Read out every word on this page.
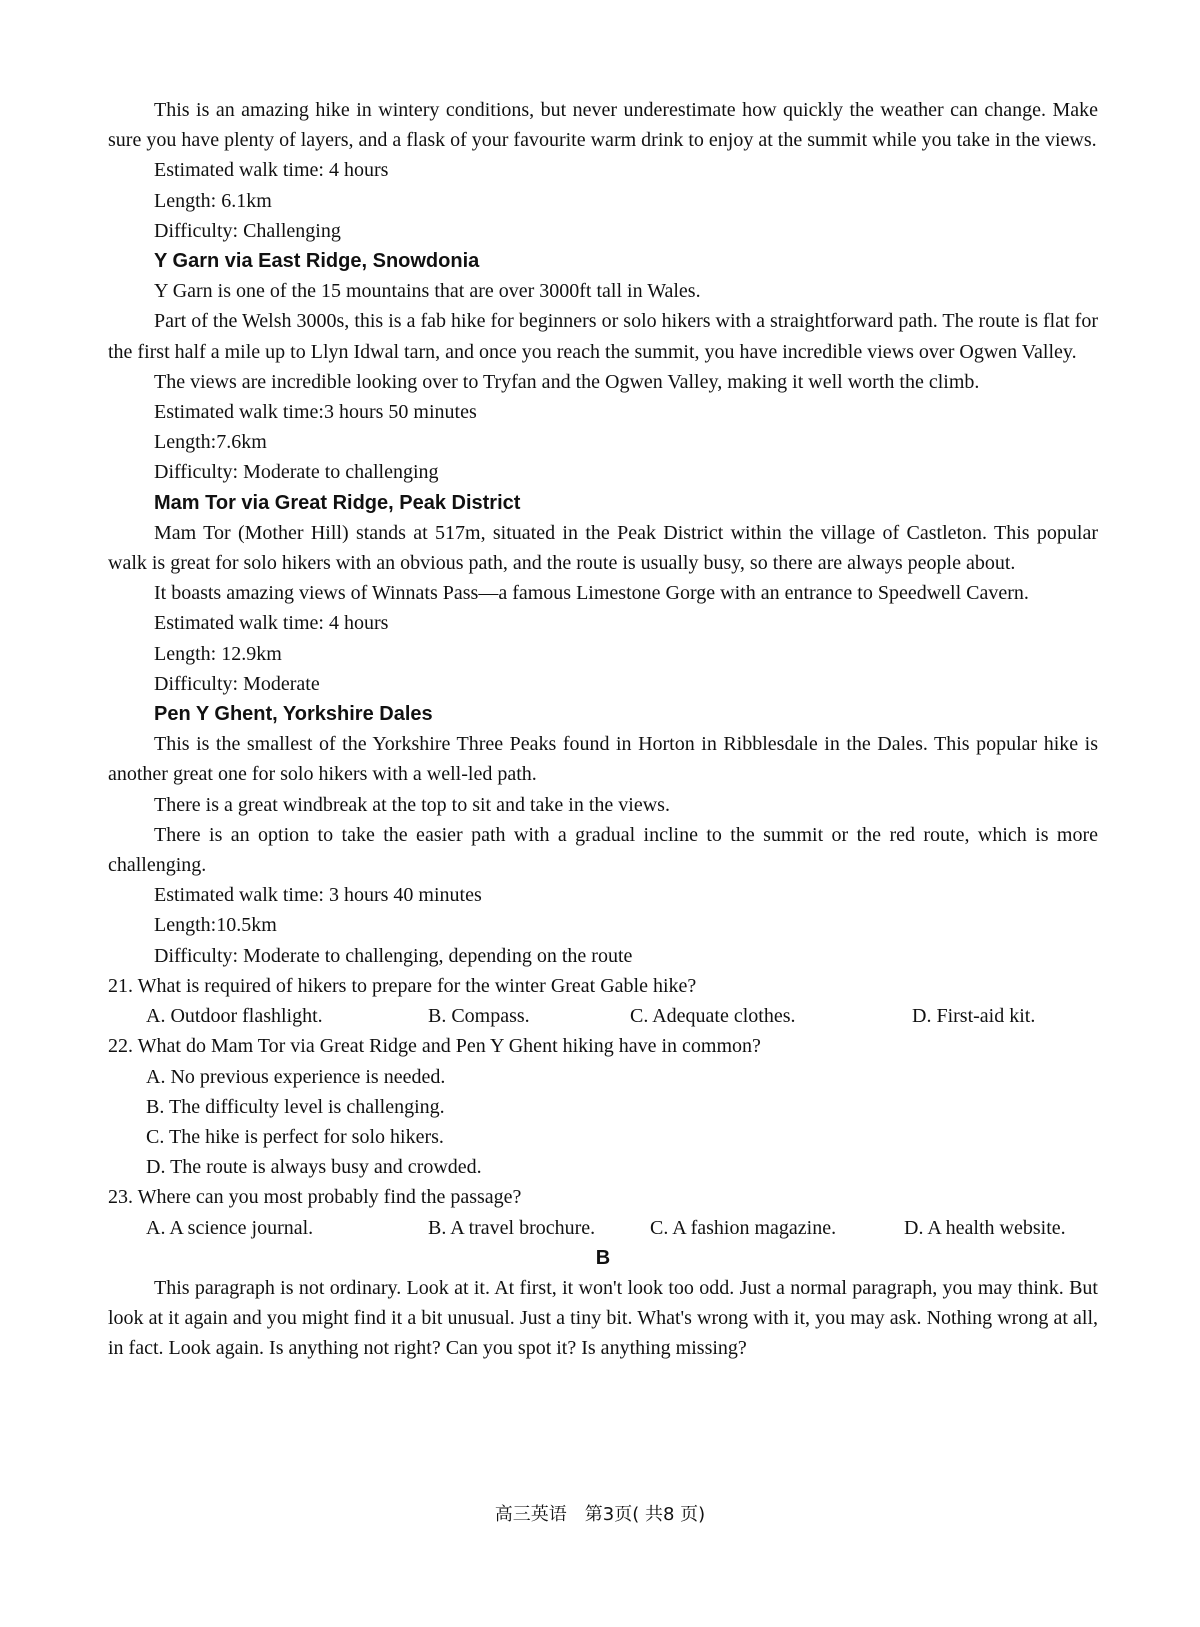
This is an amazing hike in wintery conditions, but never underestimate how quickly the weather can change. Make sure you have plenty of layers, and a flask of your favourite warm drink to enjoy at the summit while you take in the views.

Estimated walk time: 4 hours

Length: 6.1km

Difficulty: Challenging

Y Garn via East Ridge, Snowdonia

Y Garn is one of the 15 mountains that are over 3000ft tall in Wales.

Part of the Welsh 3000s, this is a fab hike for beginners or solo hikers with a straightforward path. The route is flat for the first half a mile up to Llyn Idwal tarn, and once you reach the summit, you have incredible views over Ogwen Valley.

The views are incredible looking over to Tryfan and the Ogwen Valley, making it well worth the climb.

Estimated walk time:3 hours 50 minutes

Length:7.6km

Difficulty: Moderate to challenging

Mam Tor via Great Ridge, Peak District

Mam Tor (Mother Hill) stands at 517m, situated in the Peak District within the village of Castleton. This popular walk is great for solo hikers with an obvious path, and the route is usually busy, so there are always people about.

It boasts amazing views of Winnats Pass—a famous Limestone Gorge with an entrance to Speedwell Cavern.

Estimated walk time: 4 hours

Length: 12.9km

Difficulty: Moderate

Pen Y Ghent, Yorkshire Dales

This is the smallest of the Yorkshire Three Peaks found in Horton in Ribblesdale in the Dales. This popular hike is another great one for solo hikers with a well-led path.

There is a great windbreak at the top to sit and take in the views.

There is an option to take the easier path with a gradual incline to the summit or the red route, which is more challenging.

Estimated walk time: 3 hours 40 minutes

Length:10.5km

Difficulty: Moderate to challenging, depending on the route

21. What is required of hikers to prepare for the winter Great Gable hike?

A. Outdoor flashlight.	B. Compass.	C. Adequate clothes.	D. First-aid kit.

22. What do Mam Tor via Great Ridge and Pen Y Ghent hiking have in common?

A. No previous experience is needed.

B. The difficulty level is challenging.

C. The hike is perfect for solo hikers.

D. The route is always busy and crowded.

23. Where can you most probably find the passage?

A. A science journal.	B. A travel brochure.	C. A fashion magazine.	D. A health website.

B

This paragraph is not ordinary. Look at it. At first, it won't look too odd. Just a normal paragraph, you may think. But look at it again and you might find it a bit unusual. Just a tiny bit. What's wrong with it, you may ask. Nothing wrong at all, in fact. Look again. Is anything not right? Can you spot it? Is anything missing?

高三英语　第3页( 共8 页)
